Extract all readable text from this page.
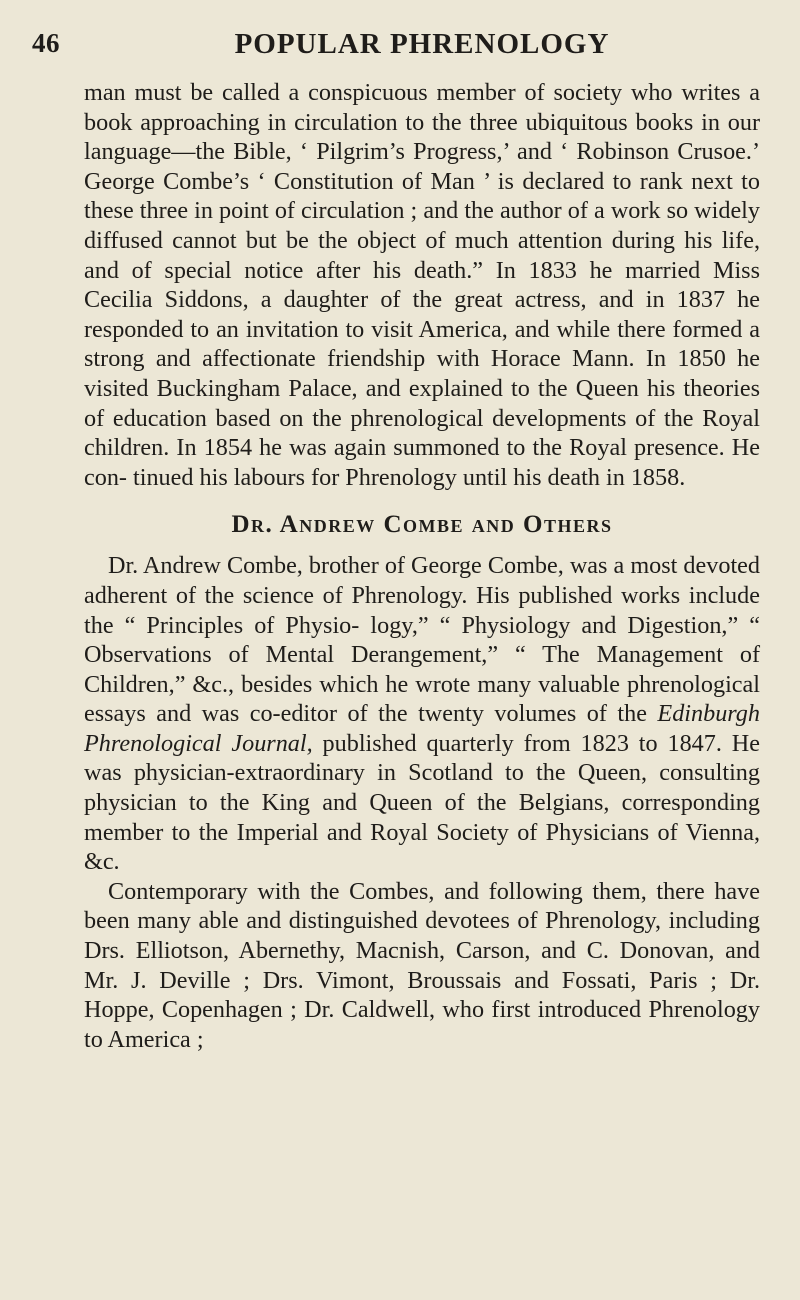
46	POPULAR PHRENOLOGY

man must be called a conspicuous member of society who writes a book approaching in circulation to the three ubiquitous books in our language—the Bible, ‘ Pilgrim’s Progress,’ and ‘ Robinson Crusoe.’ George Combe’s ‘ Constitution of Man ’ is declared to rank next to these three in point of circulation ; and the author of a work so widely diffused cannot but be the object of much attention during his life, and of special notice after his death.” In 1833 he married Miss Cecilia Siddons, a daughter of the great actress, and in 1837 he responded to an invitation to visit America, and while there formed a strong and affectionate friendship with Horace Mann. In 1850 he visited Buckingham Palace, and explained to the Queen his theories of education based on the phrenological developments of the Royal children. In 1854 he was again summoned to the Royal presence. He con- tinued his labours for Phrenology until his death in 1858.

Dr. Andrew Combe and Others

Dr. Andrew Combe, brother of George Combe, was a most devoted adherent of the science of Phrenology. His published works include the “ Principles of Physio- logy,” “ Physiology and Digestion,” “ Observations of Mental Derangement,” “ The Management of Children,” &c., besides which he wrote many valuable phrenological essays and was co-editor of the twenty volumes of the Edinburgh Phrenological Journal, published quarterly from 1823 to 1847. He was physician-extraordinary in Scotland to the Queen, consulting physician to the King and Queen of the Belgians, corresponding member to the Imperial and Royal Society of Physicians of Vienna, &c.

Contemporary with the Combes, and following them, there have been many able and distinguished devotees of Phrenology, including Drs. Elliotson, Abernethy, Macnish, Carson, and C. Donovan, and Mr. J. Deville ; Drs. Vimont, Broussais and Fossati, Paris ; Dr. Hoppe, Copenhagen ; Dr. Caldwell, who first introduced Phrenology to America ;
